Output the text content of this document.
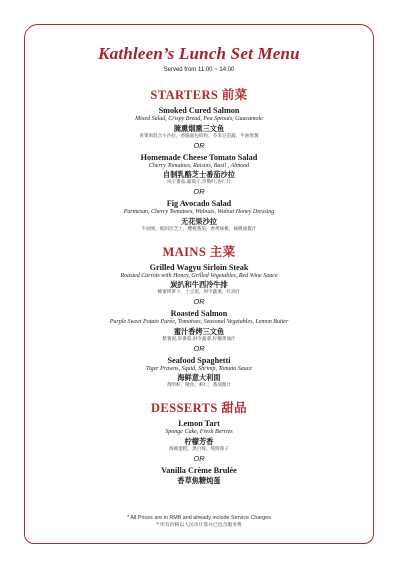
Kathleen’s Lunch Set Menu
Served from 11:00 ~ 14:00
STARTERS 前菜
Smoked Cured Salmon
Mixed Salad, Crispy Bread, Pea Sprouts, Guacamole
腌熏烟熏三文鱼
青菜果混合小沙拉，香脆面包碎粒，芬米豆苗蔬，牛油果酱
OR
Homemade Cheese Tomato Salad
Cherry Tomatoes, Raisins, Basil , Almond
自制乳酪芝士番茄沙拉
风干番茄,葡萄干,罗勒叶,杏仁片
OR
Fig Avocado Salad
Parmesan, Cherry Tomatoes, Walnuts, Walnut Honey Dressing
无花果沙拉
牛油果，帕玛臣芝士，樱桃番茄，香烤核桃，核桃油酱汁
MAINS 主菜
Grilled Wagyu Sirloin Steak
Roasted Carrots with Honey, Grilled Vegetables, Red Wine Sauce
炭扒和牛西冷牛排
蜂蜜烤萝卜，土豆泥，时令蔬菜，红酒汁
OR
Roasted Salmon
Purple Sweet Potato Purée, Tomatoes, Seasonal Vegetables, Lemon Butter
蜜汁香烤三文鱼
紫薯泥,串番茄,时令蔬菜,柠檬黄油汁
OR
Seafood Spaghetti
Tiger Prawns, Squid, Shrimp, Tomato Sauce
海鲜意大利面
黄明虾，鱿鱼，虾仁，番茄酱汁
DESSERTS 甜品
Lemon Tart
Sponge Cake, Fresh Berries
柠檬芳香
海绵蛋糕，黑白莓，纯鲜莓子
OR
Vanilla Crème Brulée
香草焦糖炖蛋
* All Prices are in RMB and already include Service Charges
* 所有价格以人民币计算并已包含服务费
